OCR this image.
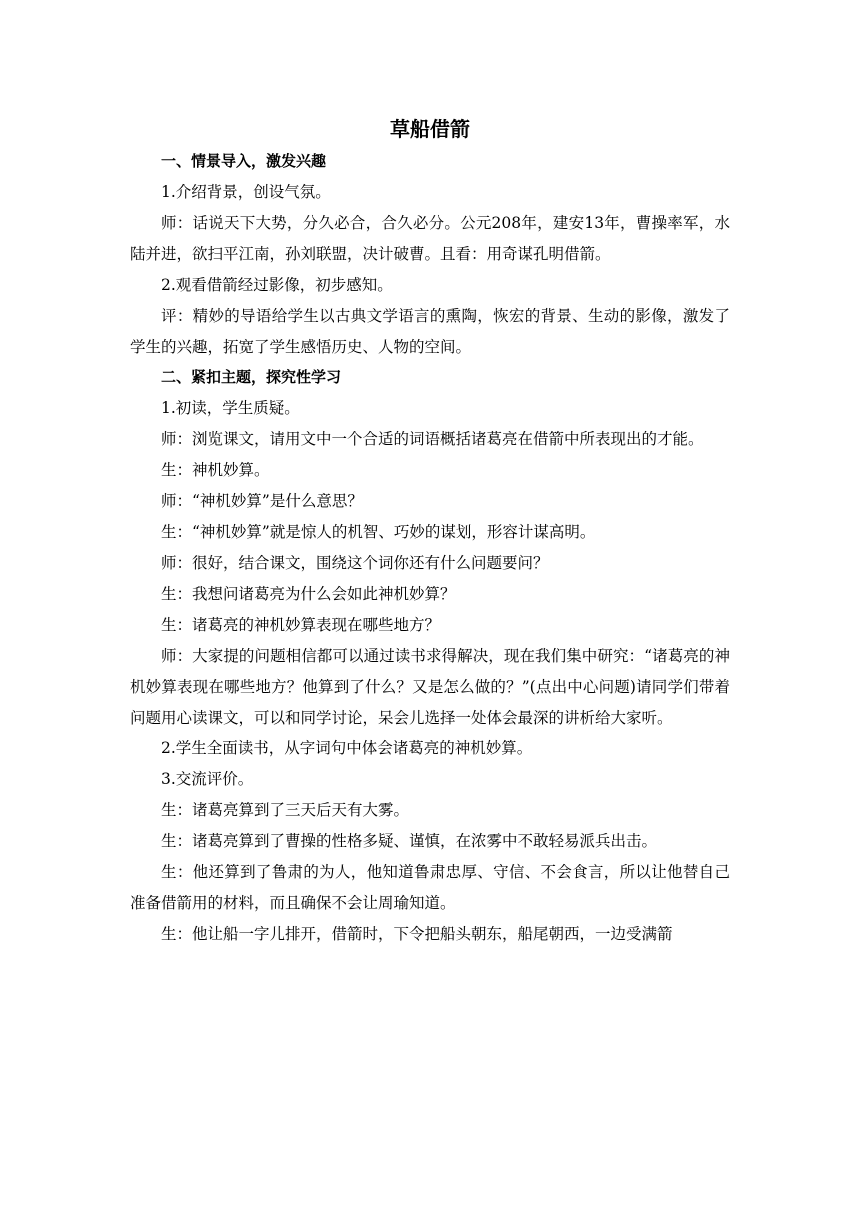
草船借箭

一、情景导入，激发兴趣

1.介绍背景，创设气氛。

师：话说天下大势，分久必合，合久必分。公元208年，建安13年，曹操率军，水陆并进，欲扫平江南，孙刘联盟，决计破曹。且看：用奇谋孔明借箭。

2.观看借箭经过影像，初步感知。

评：精妙的导语给学生以古典文学语言的熏陶，恢宏的背景、生动的影像，激发了学生的兴趣，拓宽了学生感悟历史、人物的空间。

二、紧扣主题，探究性学习

1.初读，学生质疑。

师：浏览课文，请用文中一个合适的词语概括诸葛亮在借箭中所表现出的才能。

生：神机妙算。

师：“神机妙算”是什么意思？

生：“神机妙算”就是惊人的机智、巧妙的谋划，形容计谋高明。

师：很好，结合课文，围绕这个词你还有什么问题要问？

生：我想问诸葛亮为什么会如此神机妙算？

生：诸葛亮的神机妙算表现在哪些地方？

师：大家提的问题相信都可以通过读书求得解决，现在我们集中研究：“诸葛亮的神机妙算表现在哪些地方？他算到了什么？又是怎么做的？”(点出中心问题)请同学们带着问题用心读课文，可以和同学讨论，呆会儿选择一处体会最深的讲析给大家听。

2.学生全面读书，从字词句中体会诸葛亮的神机妙算。

3.交流评价。

生：诸葛亮算到了三天后天有大雾。

生：诸葛亮算到了曹操的性格多疑、谨慎，在浓雾中不敢轻易派兵出击。

生：他还算到了鲁肃的为人，他知道鲁肃忠厚、守信、不会食言，所以让他替自己准备借箭用的材料，而且确保不会让周瑜知道。

生：他让船一字儿排开，借箭时，下令把船头朝东，船尾朝西，一边受满箭
